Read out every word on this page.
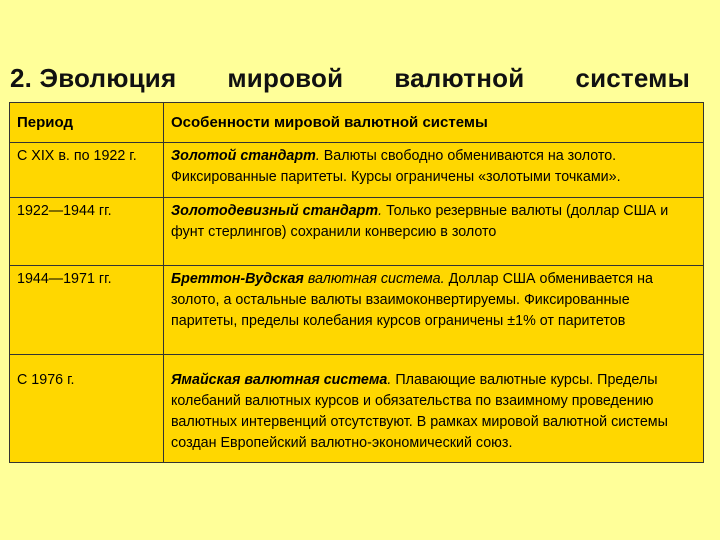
2. Эволюция мировой валютной системы
Период	Особенности мировой валютной системы
С XIX в. по 1922 г.	Золотой стандарт. Валюты свободно обмениваются на золото. Фиксированные паритеты. Курсы ограничены «золотыми точками».
1922—1944 гг.	Золотодевизный стандарт. Только резервные валюты (доллар США и фунт стерлингов) сохранили конверсию в золото
1944—1971 гг.	Бреттон-Вудская валютная система. Доллар США обменивается на золото, а остальные валюты взаимоконвертируемы. Фиксированные паритеты, пределы колебания курсов ограничены ±1% от паритетов
С 1976 г.	Ямайская валютная система. Плавающие валютные курсы. Пределы колебаний валютных курсов и обязательства по взаимному проведению валютных интервенций отсутствуют. В рамках мировой валютной системы создан Европейский валютно-экономический союз.
